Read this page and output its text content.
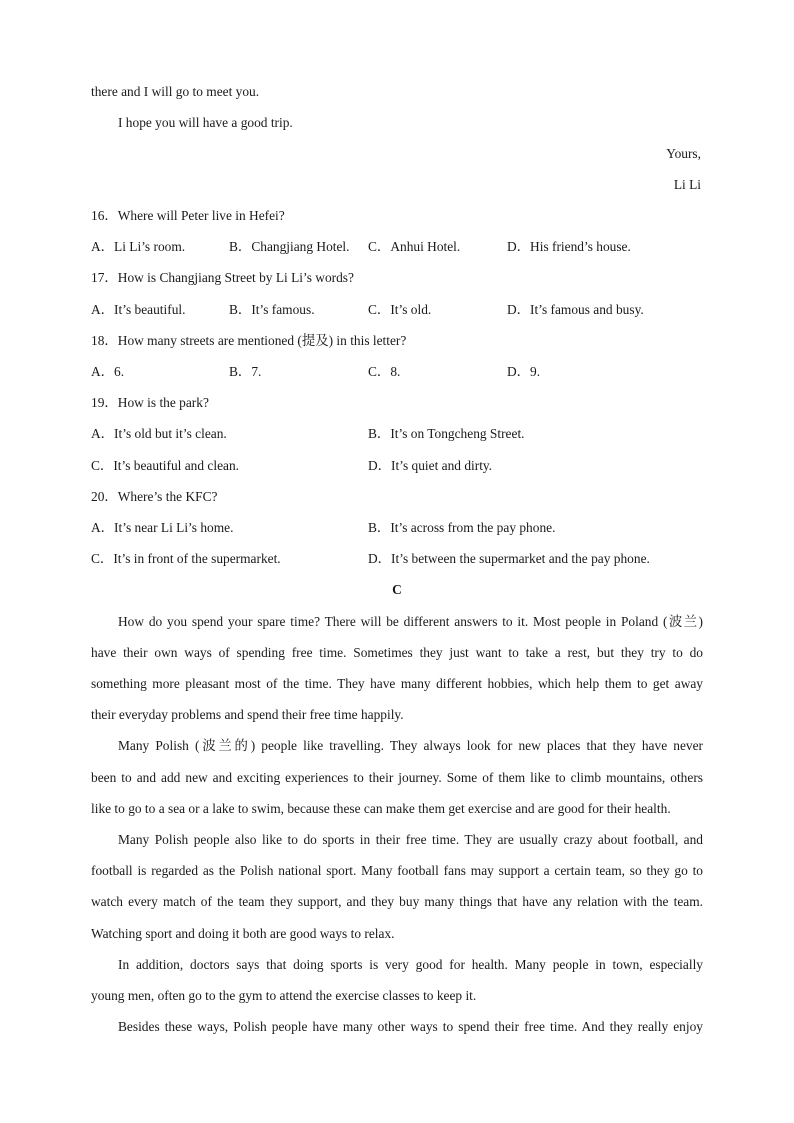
there and I will go to meet you.
I hope you will have a good trip.
Yours,
Li Li
16．Where will Peter live in Hefei?
A．Li Li’s room.	B．Changjiang Hotel. C．Anhui Hotel.	D．His friend’s house.
17．How is Changjiang Street by Li Li’s words?
A．It’s beautiful.	B．It’s famous.	C．It’s old.	D．It’s famous and busy.
18．How many streets are mentioned (提及) in this letter?
A．6.	B．7.	C．8.	D．9.
19．How is the park?
A．It’s old but it’s clean.	B．It’s on Tongcheng Street.
C．It’s beautiful and clean.	D．It’s quiet and dirty.
20．Where’s the KFC?
A．It’s near Li Li’s home.	B．It’s across from the pay phone.
C．It’s in front of the supermarket.	D．It’s between the supermarket and the pay phone.
C
How do you spend your spare time? There will be different answers to it. Most people in Poland (波兰)
have their own ways of spending free time. Sometimes they just want to take a rest, but they try to do
something more pleasant most of the time. They have many different hobbies, which help them to get away
their everyday problems and spend their free time happily.
Many Polish (波兰的) people like travelling. They always look for new places that they have never
been to and add new and exciting experiences to their journey. Some of them like to climb mountains, others
like to go to a sea or a lake to swim, because these can make them get exercise and are good for their health.
Many Polish people also like to do sports in their free time. They are usually crazy about football, and
football is regarded as the Polish national sport. Many football fans may support a certain team, so they go to
watch every match of the team they support, and they buy many things that have any relation with the team.
Watching sport and doing it both are good ways to relax.
In addition, doctors says that doing sports is very good for health. Many people in town, especially
young men, often go to the gym to attend the exercise classes to keep it.
Besides these ways, Polish people have many other ways to spend their free time. And they really enjoy
